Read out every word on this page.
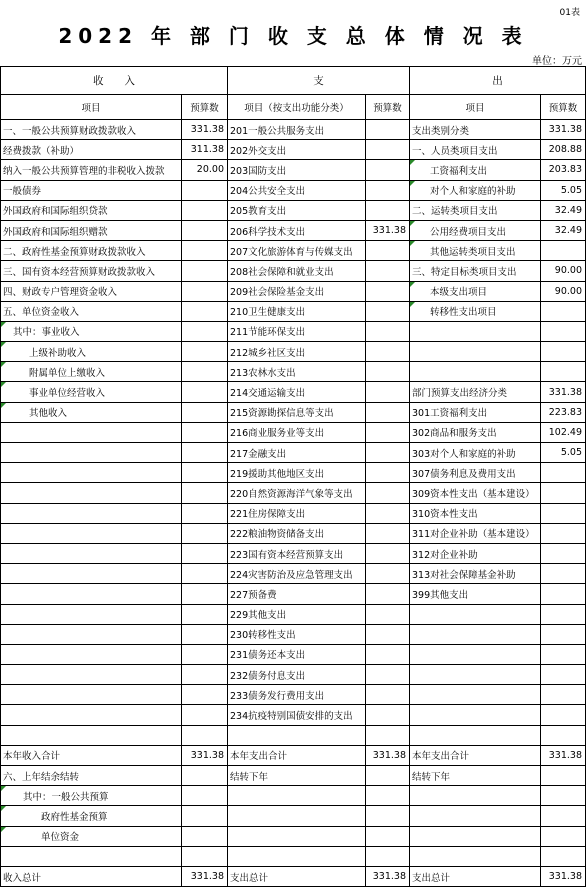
01表
2022 年 部 门 收 支 总 体 情 况 表
单位：万元
收　　入		支		出	
项目	预算数	项目（按支出功能分类）	预算数	项目	预算数
一、一般公共预算财政拨款收入	331.38	201一般公共服务支出		支出类别分类	331.38
经费拨款（补助）	311.38	202外交支出		一、人员类项目支出	208.88
纳入一般公共预算管理的非税收入拨款	20.00	203国防支出		工资福利支出	203.83
一般债券		204公共安全支出		对个人和家庭的补助	5.05
外国政府和国际组织贷款		205教育支出		二、运转类项目支出	32.49
外国政府和国际组织赠款		206科学技术支出	331.38	公用经费项目支出	32.49
二、政府性基金预算财政拨款收入		207文化旅游体育与传媒支出		其他运转类项目支出	
三、国有资本经营预算财政拨款收入		208社会保障和就业支出		三、特定目标类项目支出	90.00
四、财政专户管理资金收入		209社会保险基金支出		本级支出项目	90.00
五、单位资金收入		210卫生健康支出		转移性支出项目	
其中：事业收入		211节能环保支出			
上级补助收入		212城乡社区支出			
附属单位上缴收入		213农林水支出			
事业单位经营收入		214交通运输支出		部门预算支出经济分类	331.38
其他收入		215资源勘探信息等支出		301工资福利支出	223.83
		216商业服务业等支出		302商品和服务支出	102.49
		217金融支出		303对个人和家庭的补助	5.05
		219援助其他地区支出		307债务利息及费用支出	
		220自然资源海洋气象等支出		309资本性支出（基本建设）	
		221住房保障支出		310资本性支出	
		222粮油物资储备支出		311对企业补助（基本建设）	
		223国有资本经营预算支出		312对企业补助	
		224灾害防治及应急管理支出		313对社会保障基金补助	
		227预备费		399其他支出	
		229其他支出			
		230转移性支出			
		231债务还本支出			
		232债务付息支出			
		233债务发行费用支出			
		234抗疫特别国债安排的支出			

本年收入合计	331.38	本年支出合计	331.38	本年支出合计	331.38
六、上年结余结转		结转下年		结转下年	
其中：一般公共预算					
政府性基金预算					
单位资金					

收入总计	331.38	支出总计	331.38	支出总计	331.38
